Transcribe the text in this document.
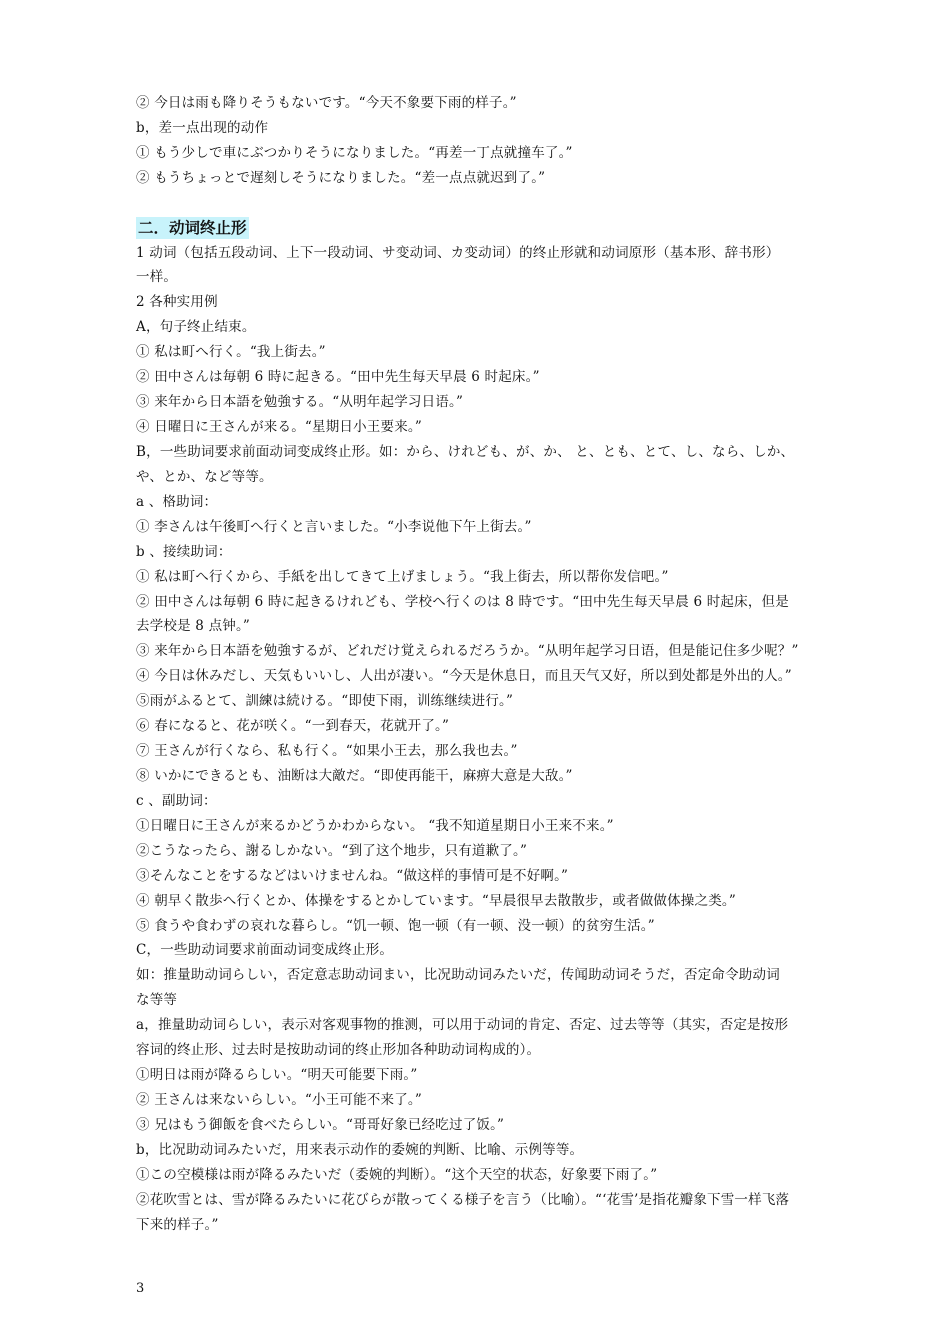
② 今日は雨も降りそうもないです。“今天不象要下雨的样子。”
b，差一点出现的动作
① もう少しで車にぶつかりそうになりました。“再差一丁点就撞车了。”
② もうちょっとで遅刻しそうになりました。“差一点点就迟到了。”
二．动词终止形
1 动词（包括五段动词、上下一段动词、サ变动词、カ变动词）的终止形就和动词原形（基本形、辞书形）
一样。
2 各种实用例
A，句子终止结束。
① 私は町へ行く。“我上街去。”
② 田中さんは毎朝 6 時に起きる。“田中先生每天早晨 6 时起床。”
③ 来年から日本語を勉強する。“从明年起学习日语。”
④ 日曜日に王さんが来る。“星期日小王要来。”
B，一些助词要求前面动词变成终止形。如：から、けれども、が、か、 と、とも、とて、し、なら、しか、
や、とか、など等等。
a 、格助词：
① 李さんは午後町へ行くと言いました。“小李说他下午上街去。”
b 、接续助词：
① 私は町へ行くから、手紙を出してきて上げましょう。“我上街去，所以帮你发信吧。”
② 田中さんは毎朝 6 時に起きるけれども、学校へ行くのは 8 時です。“田中先生每天早晨 6 时起床，但是
去学校是 8 点钟。”
③ 来年から日本語を勉強するが、どれだけ覚えられるだろうか。“从明年起学习日语，但是能记住多少呢？”
④ 今日は休みだし、天気もいいし、人出が凄い。“今天是休息日，而且天气又好，所以到处都是外出的人。”
⑤雨がふるとて、訓練は続ける。“即使下雨，训练继续进行。”
⑥ 春になると、花が咲く。“一到春天，花就开了。”
⑦ 王さんが行くなら、私も行く。“如果小王去，那么我也去。”
⑧ いかにできるとも、油断は大敵だ。“即使再能干，麻痹大意是大敌。”
c 、副助词：
①日曜日に王さんが来るかどうかわからない。 “我不知道星期日小王来不来。”
②こうなったら、謝るしかない。“到了这个地步，只有道歉了。”
③そんなことをするなどはいけませんね。“做这样的事情可是不好啊。”
④ 朝早く散歩へ行くとか、体操をするとかしています。“早晨很早去散散步，或者做做体操之类。”
⑤ 食うや食わずの哀れな暮らし。“饥一顿、饱一顿（有一顿、没一顿）的贫穷生活。”
C，一些助动词要求前面动词变成终止形。
如：推量助动词らしい，否定意志助动词まい，比况助动词みたいだ，传闻助动词そうだ，否定命令助动词
な等等
a，推量助动词らしい，表示对客观事物的推测，可以用于动词的肯定、否定、过去等等（其实，否定是按形
容词的终止形、过去时是按助动词的终止形加各种助动词构成的）。
①明日は雨が降るらしい。“明天可能要下雨。”
② 王さんは来ないらしい。“小王可能不来了。”
③ 兄はもう御飯を食べたらしい。“哥哥好象已经吃过了饭。”
b，比况助动词みたいだ，用来表示动作的委婉的判断、比喻、示例等等。
①この空模様は雨が降るみたいだ（委婉的判断）。“这个天空的状态，好象要下雨了。”
②花吹雪とは、雪が降るみたいに花びらが散ってくる様子を言う（比喻）。“‘花雪’是指花瓣象下雪一样飞落
下来的样子。”
3
